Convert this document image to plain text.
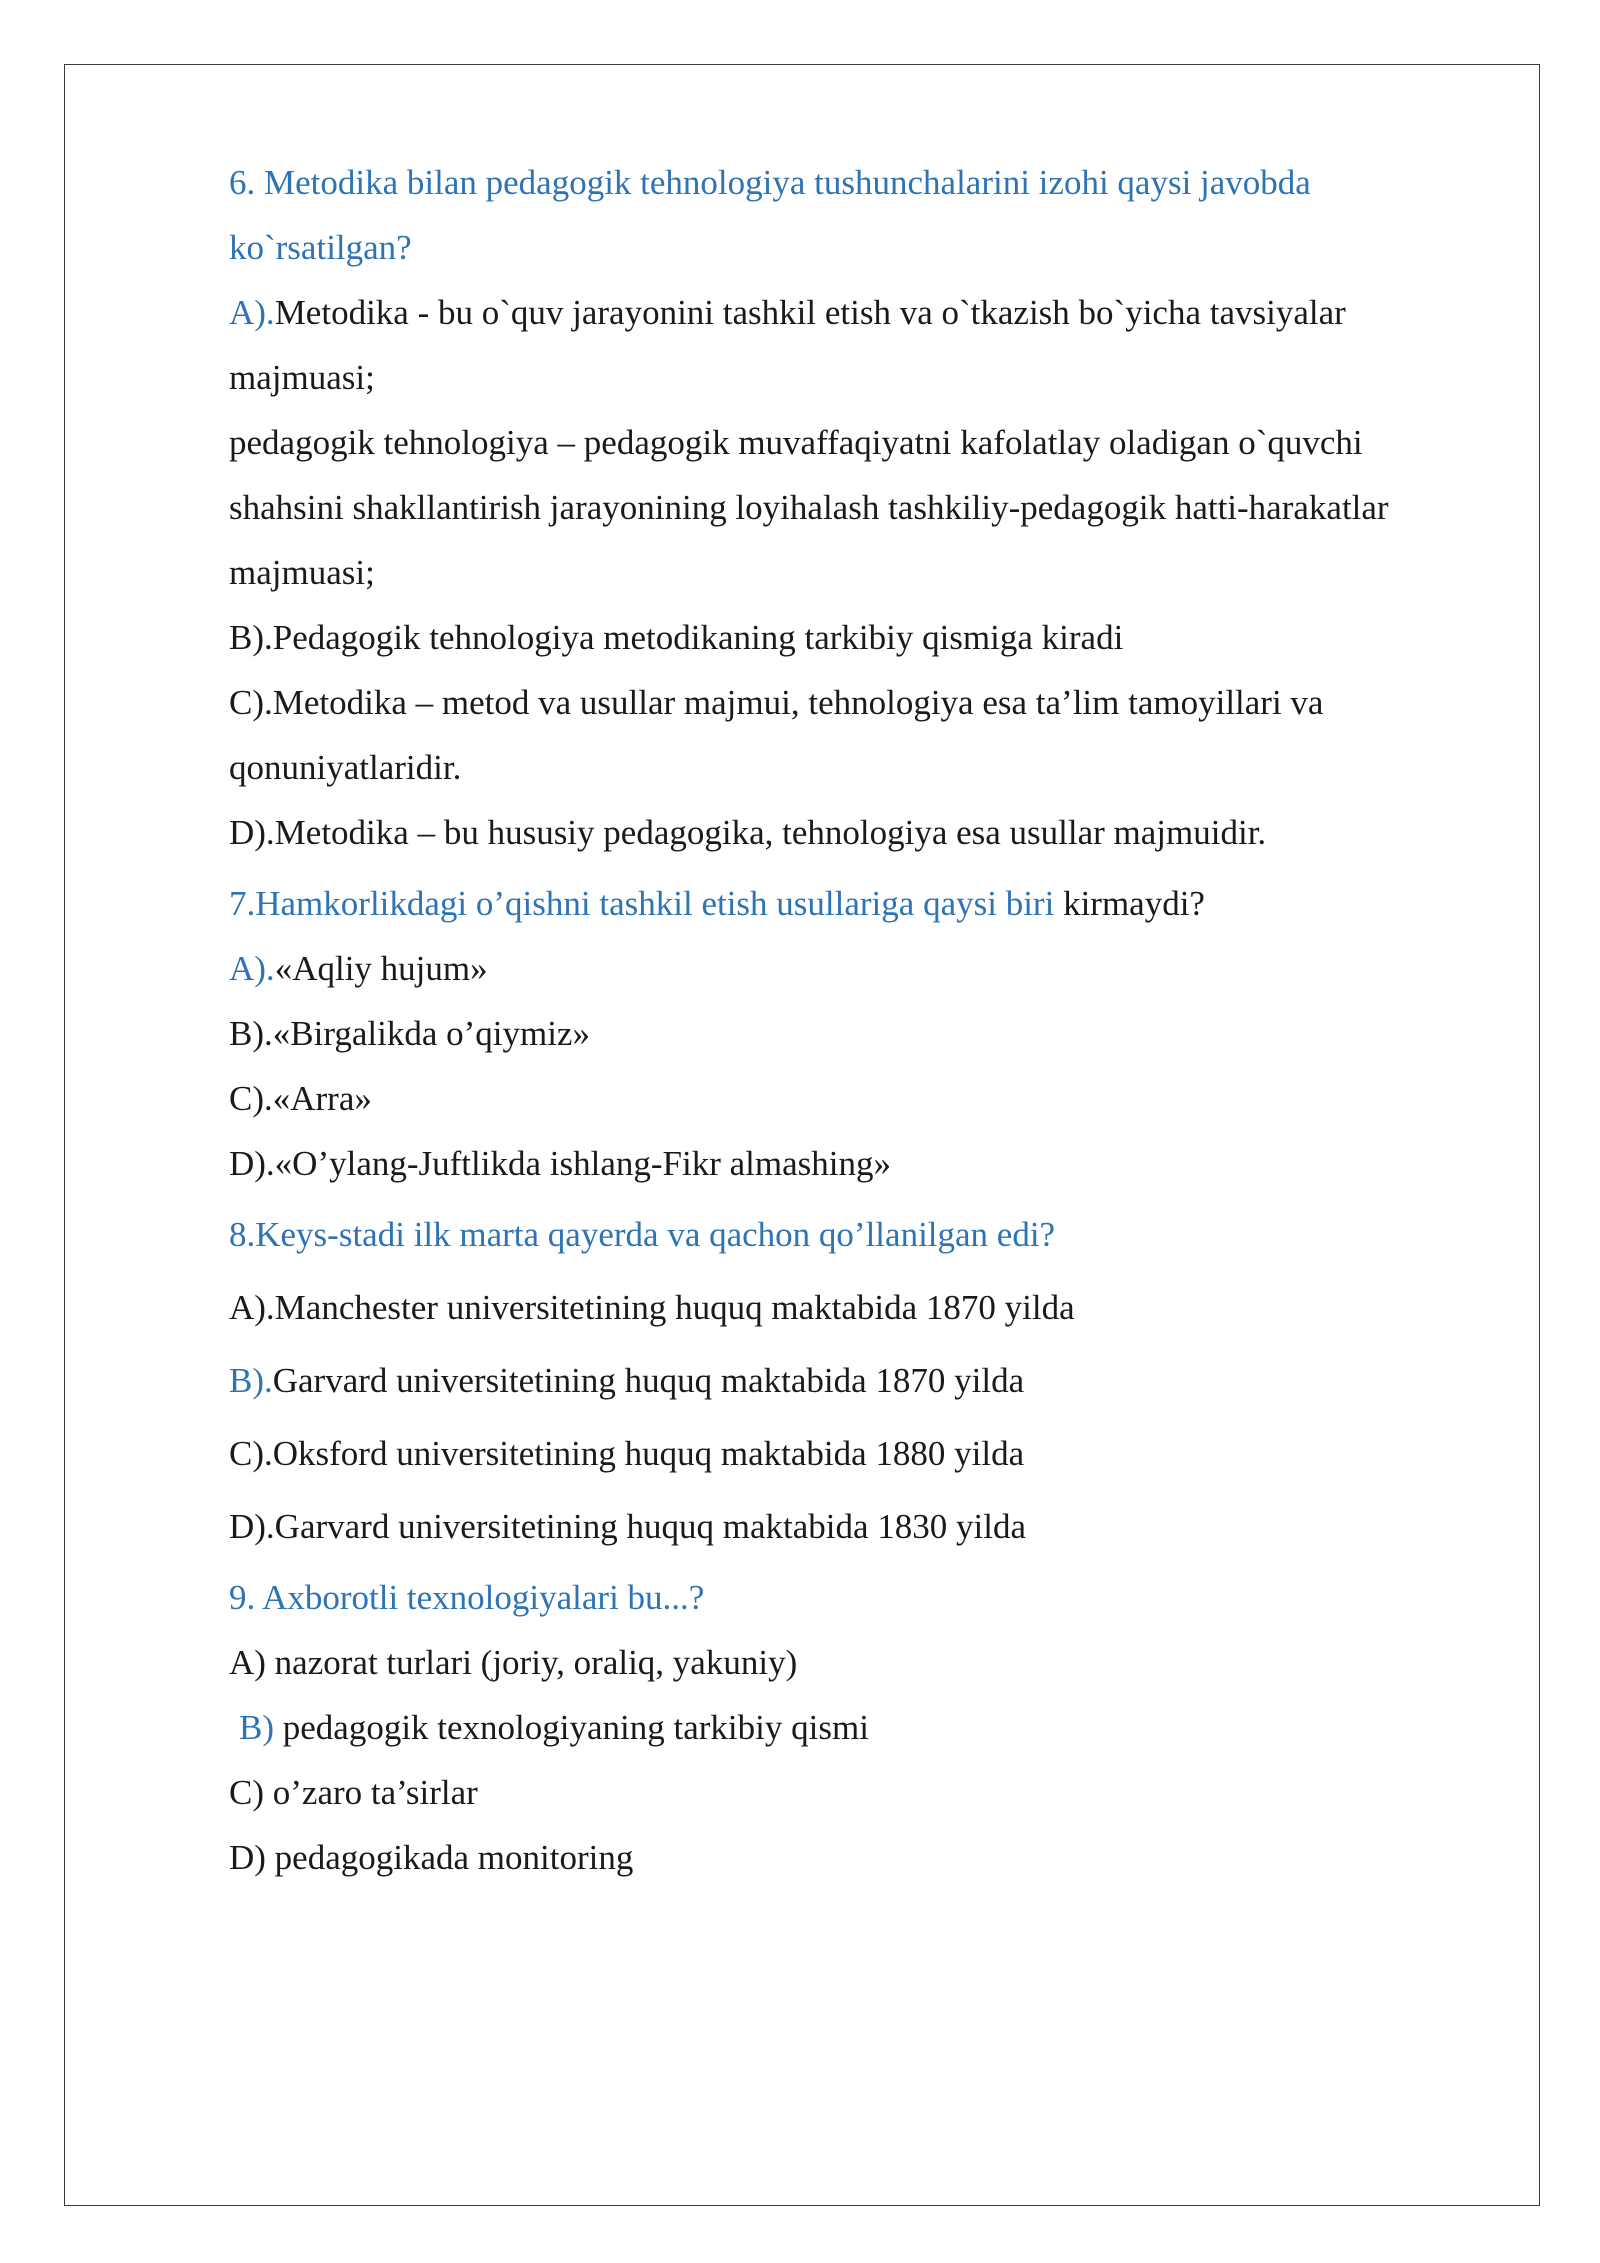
6. Metodika bilan pedagogik tehnologiya tushunchalarini izohi qaysi javobda
ko`rsatilgan?
A).Metodika - bu o`quv jarayonini tashkil etish va o`tkazish bo`yicha tavsiyalar
majmuasi;
pedagogik tehnologiya – pedagogik muvaffaqiyatni kafolatlay oladigan o`quvchi
shahsini shakllantirish jarayonining loyihalash tashkiliy-pedagogik hatti-harakatlar
majmuasi;
B).Pedagogik tehnologiya metodikaning tarkibiy qismiga kiradi
C).Metodika – metod va usullar majmui, tehnologiya esa ta’lim tamoyillari va
qonuniyatlaridir.
D).Metodika – bu hususiy pedagogika, tehnologiya esa usullar majmuidir.
7.Hamkorlikdagi o’qishni tashkil etish usullariga qaysi biri kirmaydi?
A).«Aqliy hujum»
B).«Birgalikda o’qiymiz»
C).«Arra»
D).«O’ylang-Juftlikda ishlang-Fikr almashing»
8.Keys-stadi ilk marta qayerda va qachon qo’llanilgan edi?
A).Manchester universitetining huquq maktabida 1870 yilda
B).Garvard universitetining huquq maktabida 1870 yilda
C).Oksford universitetining huquq maktabida 1880 yilda
D).Garvard universitetining huquq maktabida 1830 yilda
9. Axborotli texnologiyalari bu...?
A) nazorat turlari (joriy, oraliq, yakuniy)
B) pedagogik texnologiyaning tarkibiy qismi
C) o’zaro ta’sirlar
D) pedagogikada monitoring
